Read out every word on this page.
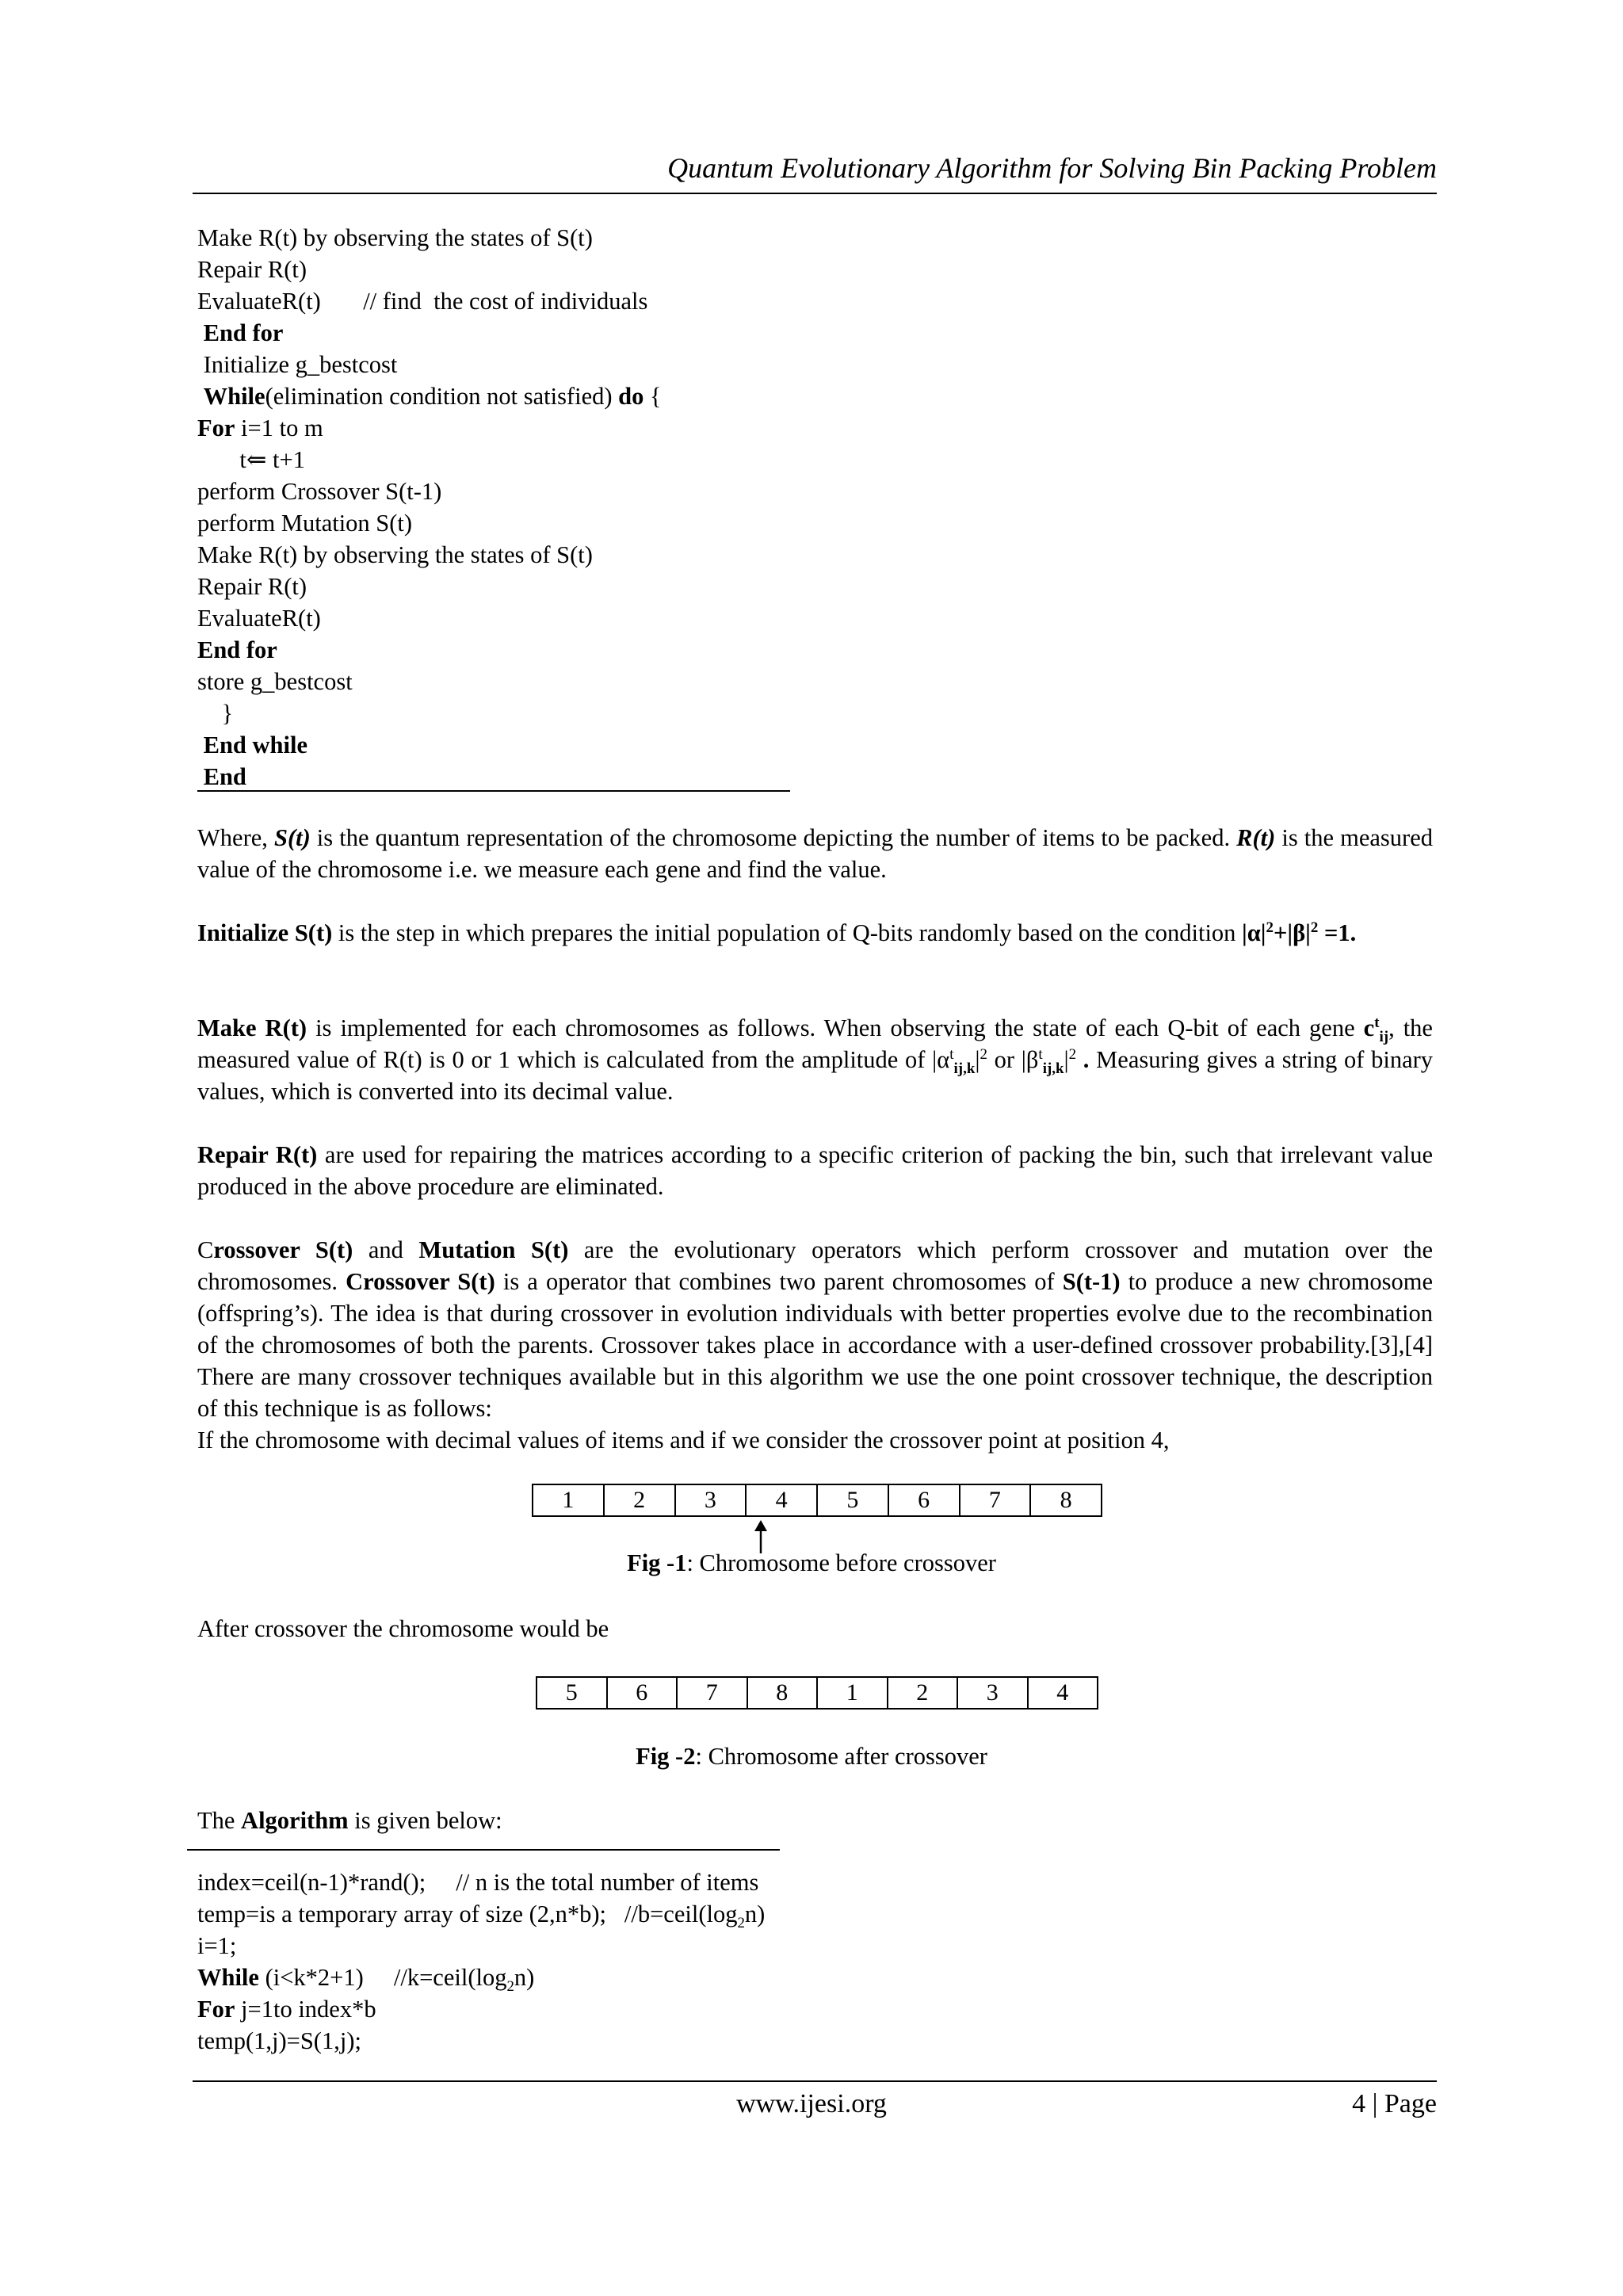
Quantum Evolutionary Algorithm for Solving Bin Packing Problem
Make R(t) by observing the states of S(t)
Repair R(t)
EvaluateR(t)       // find  the cost of individuals
End for
Initialize g_bestcost
While(elimination condition not satisfied) do {
For i=1 to m
t⇐ t+1
perform Crossover S(t-1)
perform Mutation S(t)
Make R(t) by observing the states of S(t)
Repair R(t)
EvaluateR(t)
End for
store g_bestcost
}
End while
End
Where, S(t) is the quantum representation of the chromosome depicting the number of items to be packed. R(t) is the measured value of the chromosome i.e. we measure each gene and find the value.
Initialize S(t) is the step in which prepares the initial population of Q-bits randomly based on the condition $|\alpha|^2+|\beta|^2 =1$.
Make R(t) is implemented for each chromosomes as follows. When observing the state of each Q-bit of each gene $c^t_{ij}$, the measured value of R(t) is 0 or 1 which is calculated from the amplitude of $|\alpha^t_{ij,k}|^2$ or $|\beta^t_{ij,k}|^2$ . Measuring gives a string of binary values, which is converted into its decimal value.
Repair R(t) are used for repairing the matrices according to a specific criterion of packing the bin, such that irrelevant value produced in the above procedure are eliminated.
Crossover S(t) and Mutation S(t) are the evolutionary operators which perform crossover and mutation over the chromosomes. Crossover S(t) is a operator that combines two parent chromosomes of S(t-1) to produce a new chromosome (offspring’s). The idea is that during crossover in evolution individuals with better properties evolve due to the recombination of the chromosomes of both the parents. Crossover takes place in accordance with a user-defined crossover probability.[3],[4] There are many crossover techniques available but in this algorithm we use the one point crossover technique, the description of this technique is as follows:
If the chromosome with decimal values of items and if we consider the crossover point at position 4,
1	2	3	4	5	6	7	8
Fig -1: Chromosome before crossover
After crossover the chromosome would be
5	6	7	8	1	2	3	4
Fig -2: Chromosome after crossover
The Algorithm is given below:
index=ceil(n-1)*rand();     // n is the total number of items
temp=is a temporary array of size (2,n*b);   $//b=ceil(\log_2n)$
i=1;
While (i<k*2+1)     $//k=ceil(\log_2n)$
For j=1to index*b
temp(1,j)=S(1,j);
www.ijesi.org	4 | Page
